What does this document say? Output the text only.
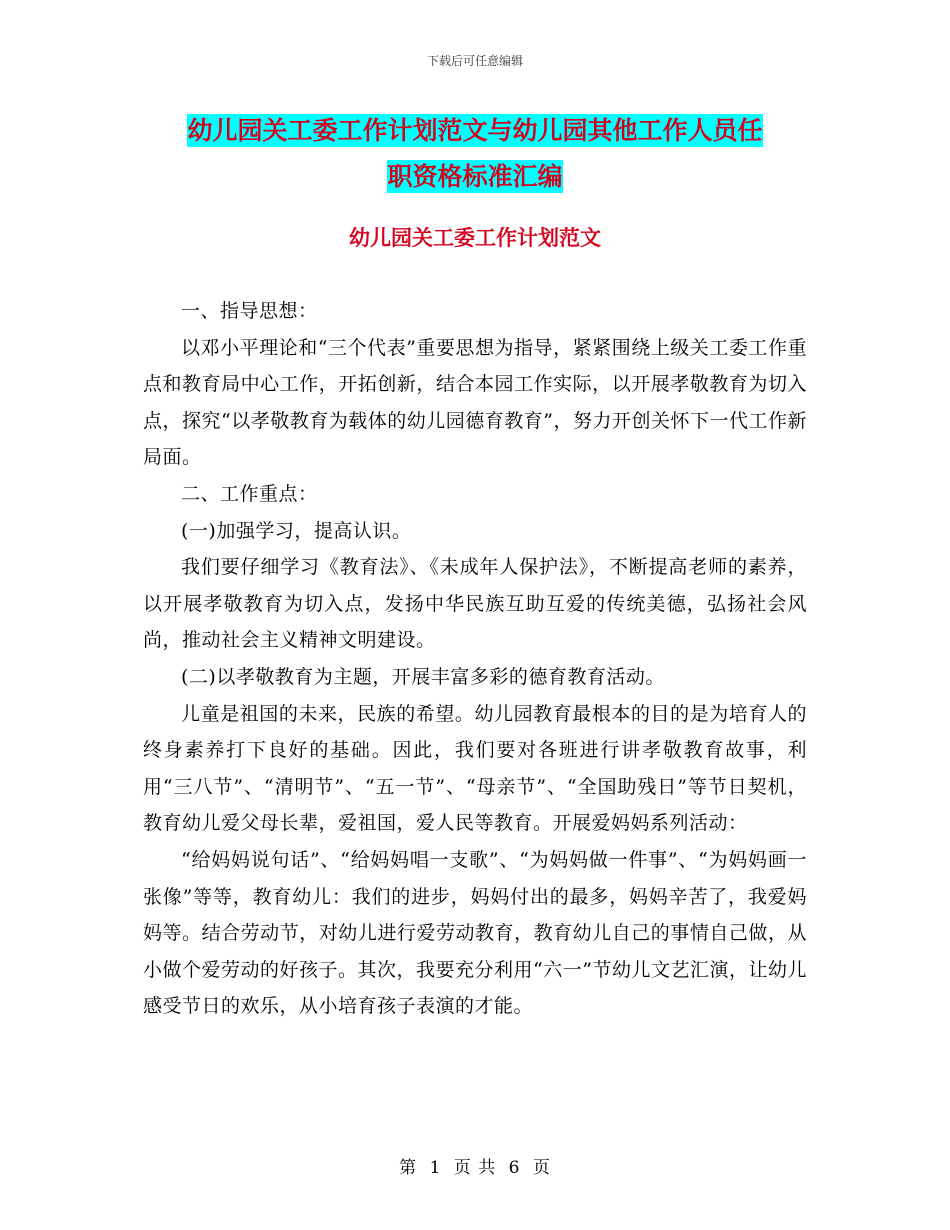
下载后可任意编辑
幼儿园关工委工作计划范文与幼儿园其他工作人员任
职资格标准汇编
幼儿园关工委工作计划范文

一、指导思想：

以邓小平理论和“三个代表”重要思想为指导，紧紧围绕上级关工委工作重点和教育局中心工作，开拓创新，结合本园工作实际，以开展孝敬教育为切入点，探究“以孝敬教育为载体的幼儿园德育教育”，努力开创关怀下一代工作新局面。

二、工作重点：

(一)加强学习，提高认识。

我们要仔细学习《教育法》、《未成年人保护法》，不断提高老师的素养，以开展孝敬教育为切入点，发扬中华民族互助互爱的传统美德，弘扬社会风尚，推动社会主义精神文明建设。

(二)以孝敬教育为主题，开展丰富多彩的德育教育活动。

儿童是祖国的未来，民族的希望。幼儿园教育最根本的目的是为培育人的终身素养打下良好的基础。因此，我们要对各班进行讲孝敬教育故事，利用“三八节”、“清明节”、“五一节”、“母亲节”、“全国助残日”等节日契机，教育幼儿爱父母长辈，爱祖国，爱人民等教育。开展爱妈妈系列活动：

“给妈妈说句话”、“给妈妈唱一支歌”、“为妈妈做一件事”、“为妈妈画一张像”等等，教育幼儿：我们的进步，妈妈付出的最多，妈妈辛苦了，我爱妈妈等。结合劳动节，对幼儿进行爱劳动教育，教育幼儿自己的事情自己做，从小做个爱劳动的好孩子。其次，我要充分利用“六一”节幼儿文艺汇演，让幼儿感受节日的欢乐，从小培育孩子表演的才能。

第 1 页 共 6 页
